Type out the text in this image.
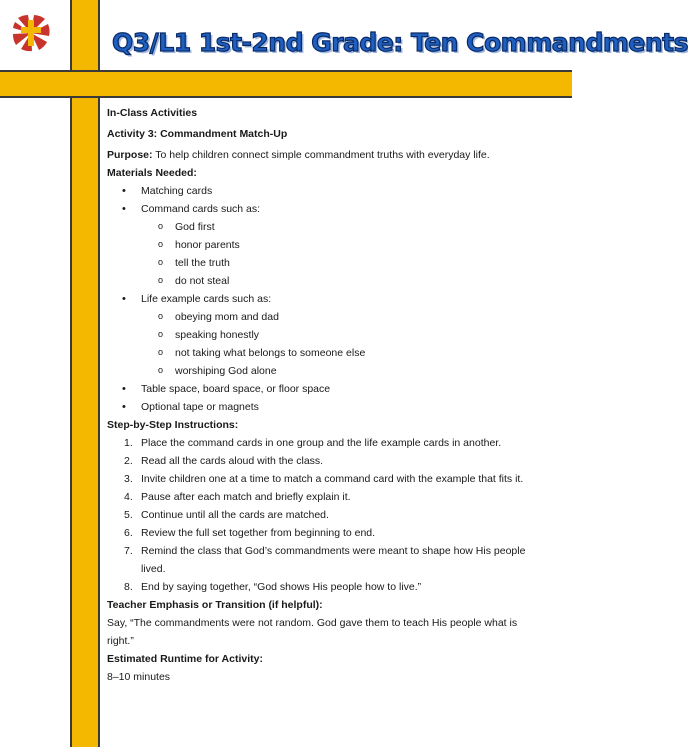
Q3/L1 1st-2nd Grade: Ten Commandments

In-Class Activities

Activity 3: Commandment Match-Up

Purpose: To help children connect simple commandment truths with everyday life.

Materials Needed:

• Matching cards
• Command cards such as:
o God first
o honor parents
o tell the truth
o do not steal
• Life example cards such as:
o obeying mom and dad
o speaking honestly
o not taking what belongs to someone else
o worshiping God alone
• Table space, board space, or floor space
• Optional tape or magnets

Step-by-Step Instructions:

1. Place the command cards in one group and the life example cards in another.
2. Read all the cards aloud with the class.
3. Invite children one at a time to match a command card with the example that fits it.
4. Pause after each match and briefly explain it.
5. Continue until all the cards are matched.
6. Review the full set together from beginning to end.
7. Remind the class that God’s commandments were meant to shape how His people lived.
8. End by saying together, “God shows His people how to live.”

Teacher Emphasis or Transition (if helpful):

Say, “The commandments were not random. God gave them to teach His people what is right.”

Estimated Runtime for Activity:

8–10 minutes
